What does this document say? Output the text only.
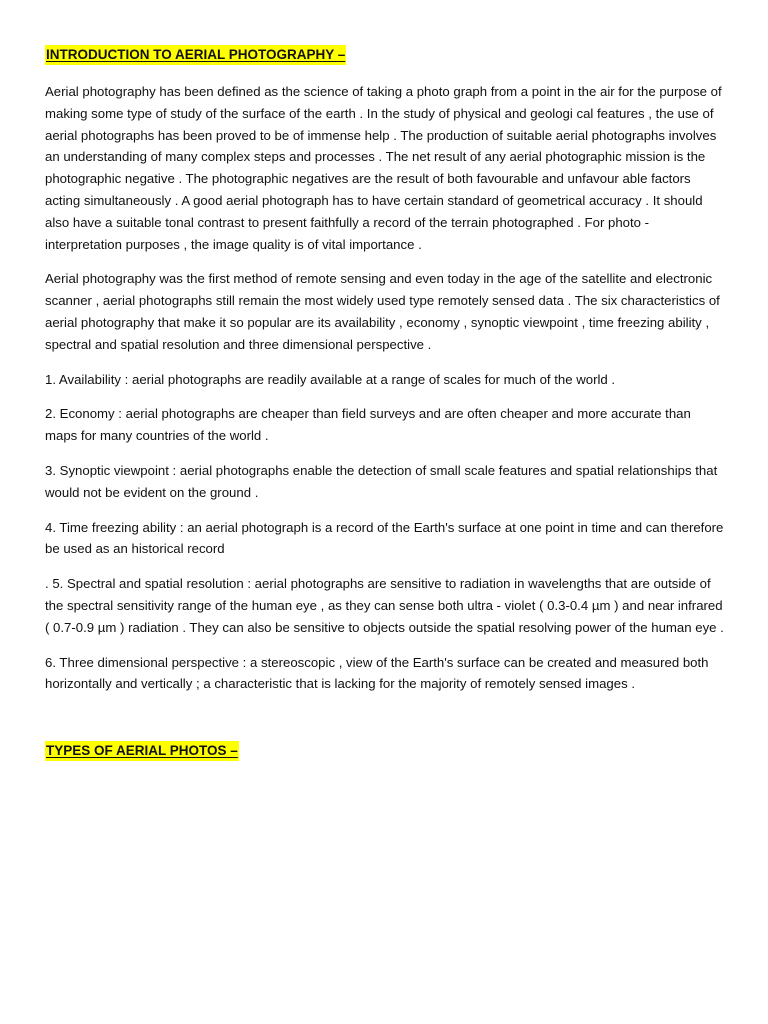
INTRODUCTION TO AERIAL PHOTOGRAPHY –

Aerial photography has been defined as the science of taking a photo graph from a point in the air for the purpose of making some type of study of the surface of the earth . In the study of physical and geologi cal features , the use of aerial photographs has been proved to be of immense help . The production of suitable aerial photographs involves an understanding of many complex steps and processes . The net result of any aerial photographic mission is the photographic negative . The photographic negatives are the result of both favourable and unfavour able factors acting simultaneously . A good aerial photograph has to have certain standard of geometrical accuracy . It should also have a suitable tonal contrast to present faithfully a record of the terrain photographed . For photo - interpretation purposes , the image quality is of vital importance .

Aerial photography was the first method of remote sensing and even today in the age of the satellite and electronic scanner , aerial photographs still remain the most widely used type remotely sensed data . The six characteristics of aerial photography that make it so popular are its availability , economy , synoptic viewpoint , time freezing ability , spectral and spatial resolution and three dimensional perspective .

1. Availability : aerial photographs are readily available at a range of scales for much of the world .

2. Economy : aerial photographs are cheaper than field surveys and are often cheaper and more accurate than maps for many countries of the world .

3. Synoptic viewpoint : aerial photographs enable the detection of small scale features and spatial relationships that would not be evident on the ground .

4. Time freezing ability : an aerial photograph is a record of the Earth's surface at one point in time and can therefore be used as an historical record

. 5. Spectral and spatial resolution : aerial photographs are sensitive to radiation in wavelengths that are outside of the spectral sensitivity range of the human eye , as they can sense both ultra - violet ( 0.3-0.4 µm ) and near infrared ( 0.7-0.9 µm ) radiation . They can also be sensitive to objects outside the spatial resolving power of the human eye .

6. Three dimensional perspective : a stereoscopic , view of the Earth's surface can be created and measured both horizontally and vertically ; a characteristic that is lacking for the majority of remotely sensed images .

TYPES OF AERIAL PHOTOS –
